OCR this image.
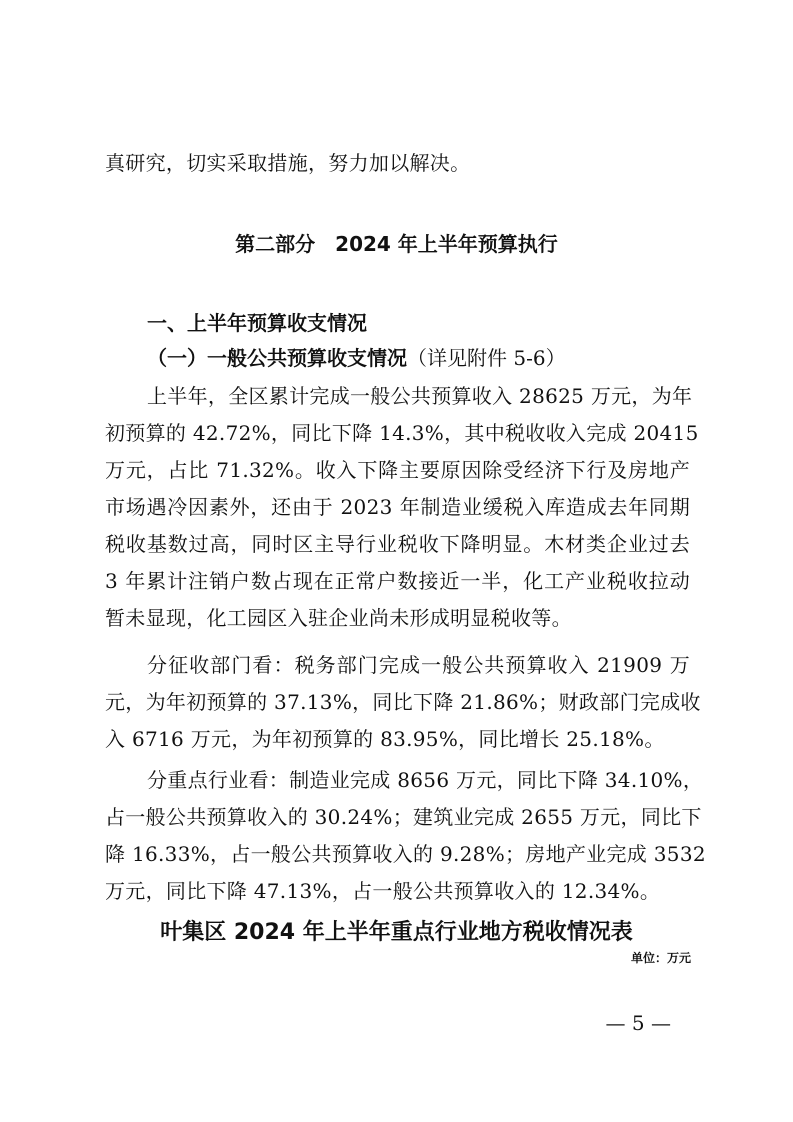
真研究，切实采取措施，努力加以解决。
第二部分　2024 年上半年预算执行
一、上半年预算收支情况
（一）一般公共预算收支情况（详见附件 5-6）
上半年，全区累计完成一般公共预算收入 28625 万元，为年
初预算的 42.72%，同比下降 14.3%，其中税收收入完成 20415
万元，占比 71.32%。收入下降主要原因除受经济下行及房地产
市场遇冷因素外，还由于 2023 年制造业缓税入库造成去年同期
税收基数过高，同时区主导行业税收下降明显。木材类企业过去
3 年累计注销户数占现在正常户数接近一半，化工产业税收拉动
暂未显现，化工园区入驻企业尚未形成明显税收等。
分征收部门看：税务部门完成一般公共预算收入 21909 万
元，为年初预算的 37.13%，同比下降 21.86%；财政部门完成收
入 6716 万元，为年初预算的 83.95%，同比增长 25.18%。
分重点行业看：制造业完成 8656 万元，同比下降 34.10%，
占一般公共预算收入的 30.24%；建筑业完成 2655 万元，同比下
降 16.33%，占一般公共预算收入的 9.28%；房地产业完成 3532
万元，同比下降 47.13%，占一般公共预算收入的 12.34%。
叶集区 2024 年上半年重点行业地方税收情况表
单位：万元
— 5 —
